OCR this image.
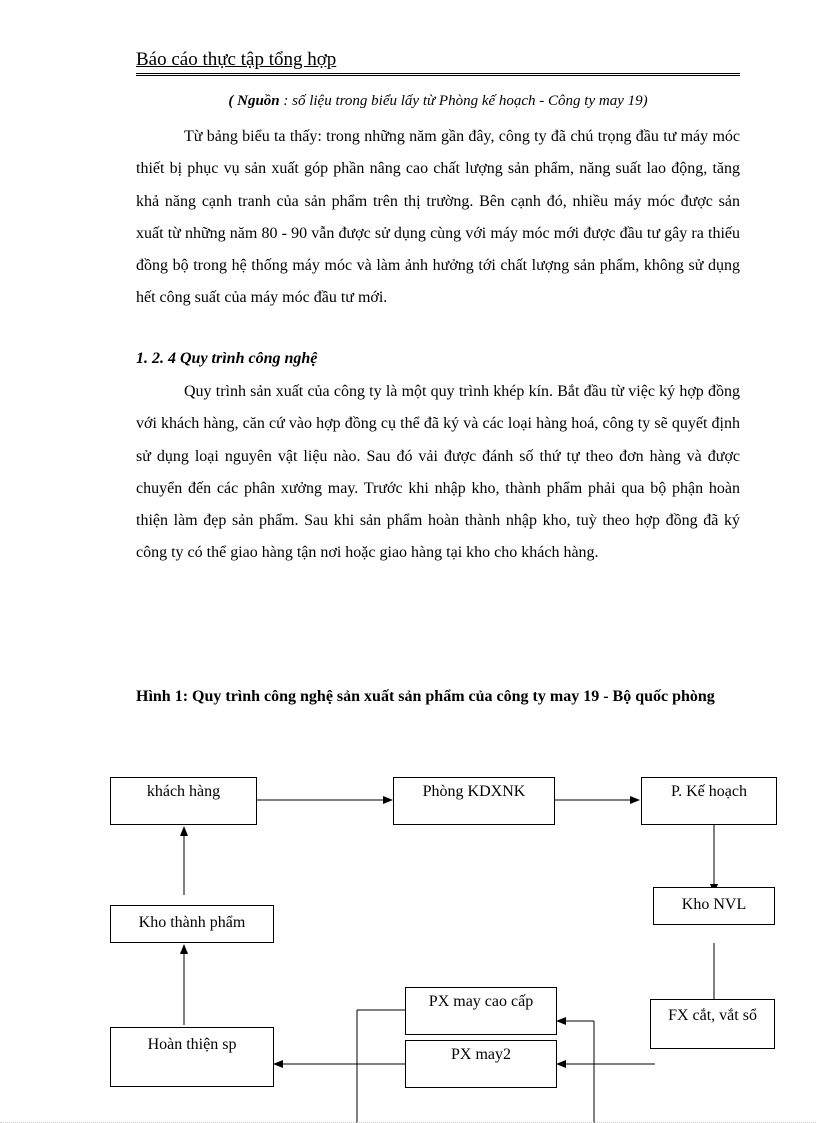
Báo cáo thực tập tổng hợp
( Nguồn : số liệu trong biểu lấy từ Phòng kế hoạch - Công ty may 19)

Từ bảng biểu ta thấy: trong những năm gần đây, công ty đã chú trọng đầu tư máy móc thiết bị phục vụ sản xuất góp phần nâng cao chất lượng sản phẩm, năng suất lao động, tăng khả năng cạnh tranh của sản phẩm trên thị trường. Bên cạnh đó, nhiều máy móc được sản xuất từ những năm 80 - 90 vẫn được sử dụng cùng với máy móc mới được đầu tư gây ra thiếu đồng bộ trong hệ thống máy móc và làm ảnh hưởng tới chất lượng sản phẩm, không sử dụng hết công suất của máy móc đầu tư mới.

1. 2. 4 Quy trình công nghệ

Quy trình sản xuất của công ty là một quy trình khép kín. Bắt đầu từ việc ký hợp đồng với khách hàng, căn cứ vào hợp đồng cụ thể đã ký và các loại hàng hoá, công ty sẽ quyết định sử dụng loại nguyên vật liệu nào. Sau đó vải được đánh số thứ tự theo đơn hàng và được chuyển đến các phân xưởng may. Trước khi nhập kho, thành phẩm phải qua bộ phận hoàn thiện làm đẹp sản phẩm. Sau khi sản phẩm hoàn thành nhập kho, tuỳ theo hợp đồng đã ký công ty có thể giao hàng tận nơi hoặc giao hàng tại kho cho khách hàng.

Hình 1: Quy trình công nghệ sản xuất sản phẩm của công ty may 19 - Bộ quốc phòng
khách hàng	Phòng KDXNK	P. Kế hoạch
Kho NVL
Kho thành phẩm
PX may cao cấp
FX cắt, vắt sổ
PX may2
Hoàn thiện sp
